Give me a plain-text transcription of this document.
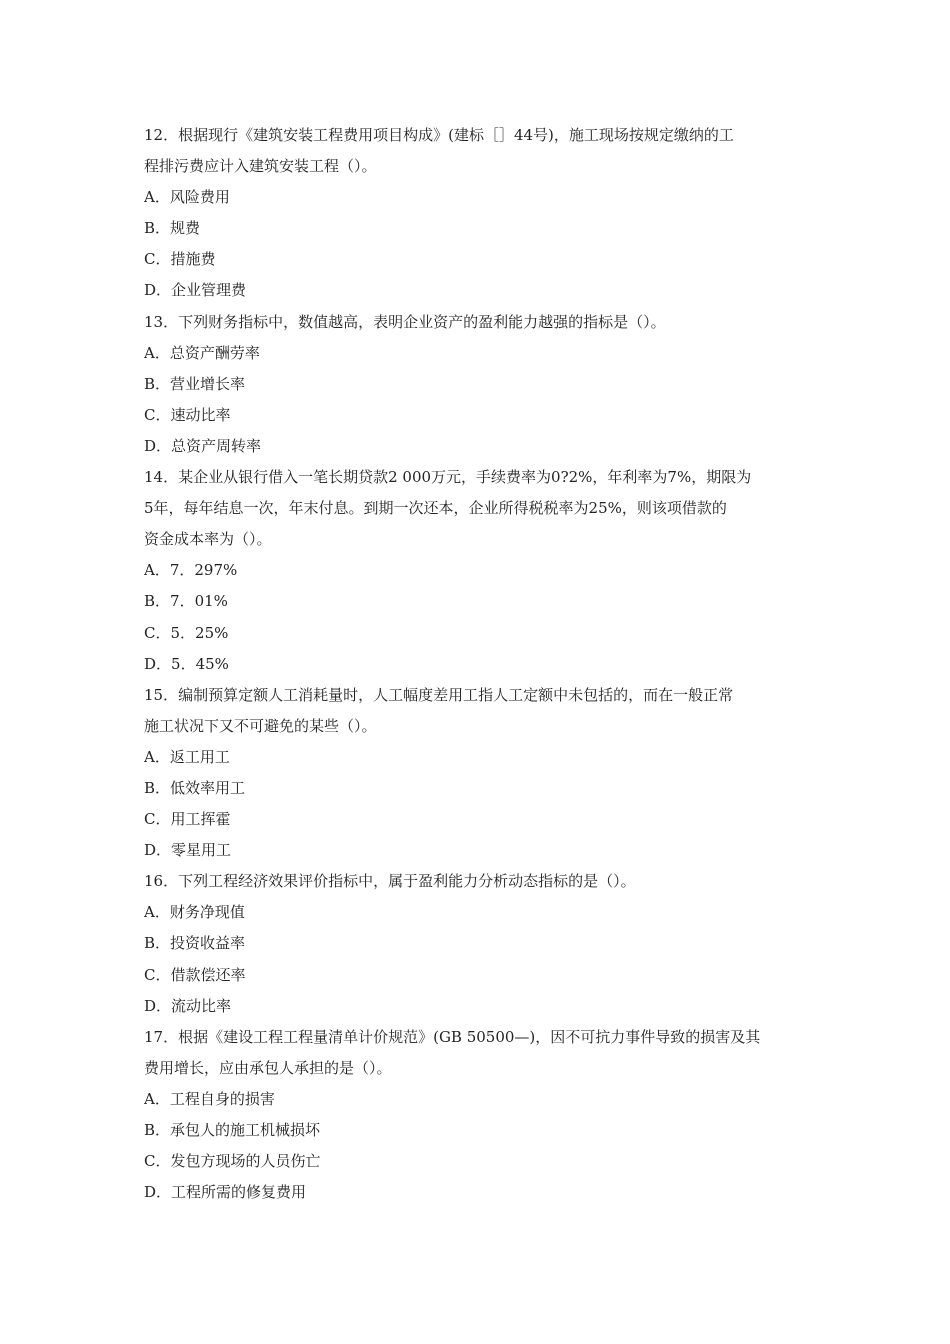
12．根据现行《建筑安装工程费用项目构成》(建标［］44号)，施工现场按规定缴纳的工
程排污费应计入建筑安装工程（）。
A．风险费用
B．规费
C．措施费
D．企业管理费
13．下列财务指标中，数值越高，表明企业资产的盈利能力越强的指标是（）。
A．总资产酬劳率
B．营业增长率
C．速动比率
D．总资产周转率
14．某企业从银行借入一笔长期贷款2 000万元，手续费率为0?2%，年利率为7%，期限为
5年，每年结息一次，年末付息。到期一次还本，企业所得税税率为25%，则该项借款的
资金成本率为（）。
A．7．297%
B．7．01%
C．5．25%
D．5．45%
15．编制预算定额人工消耗量时，人工幅度差用工指人工定额中未包括的，而在一般正常
施工状况下又不可避免的某些（）。
A．返工用工
B．低效率用工
C．用工挥霍
D．零星用工
16．下列工程经济效果评价指标中，属于盈利能力分析动态指标的是（）。
A．财务净现值
B．投资收益率
C．借款偿还率
D．流动比率
17．根据《建设工程工程量清单计价规范》(GB 50500—)，因不可抗力事件导致的损害及其
费用增长，应由承包人承担的是（）。
A．工程自身的损害
B．承包人的施工机械损坏
C．发包方现场的人员伤亡
D．工程所需的修复费用
